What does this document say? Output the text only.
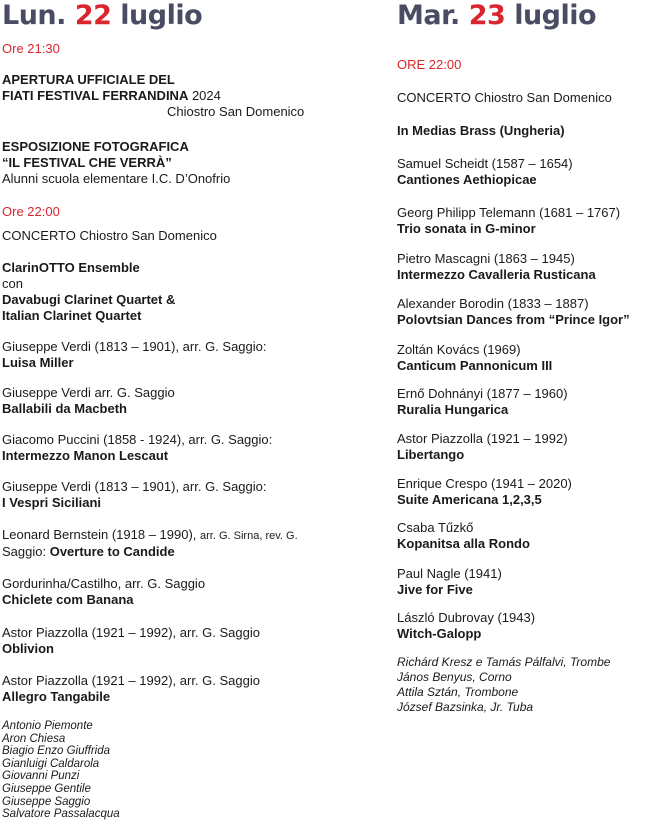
Lun. 22 luglio
Ore 21:30
APERTURA UFFICIALE DEL
FIATI FESTIVAL FERRANDINA 2024
Chiostro San Domenico
ESPOSIZIONE FOTOGRAFICA
“IL FESTIVAL CHE VERRÀ”
Alunni scuola elementare I.C. D’Onofrio
Ore 22:00
CONCERTO Chiostro San Domenico
ClarinOTTO Ensemble
con
Davabugi Clarinet Quartet &
Italian Clarinet Quartet
Giuseppe Verdi (1813 – 1901), arr. G. Saggio:
Luisa Miller
Giuseppe Verdi arr. G. Saggio
Ballabili da Macbeth
Giacomo Puccini (1858 - 1924), arr. G. Saggio:
Intermezzo Manon Lescaut
Giuseppe Verdi (1813 – 1901), arr. G. Saggio:
I Vespri Siciliani
Leonard Bernstein (1918 – 1990), arr. G. Sirna, rev. G.
Saggio: Overture to Candide
Gordurinha/Castilho, arr. G. Saggio
Chiclete com Banana
Astor Piazzolla (1921 – 1992), arr. G. Saggio
Oblivion
Astor Piazzolla (1921 – 1992), arr. G. Saggio
Allegro Tangabile
Antonio Piemonte
Aron Chiesa
Biagio Enzo Giuffrida
Gianluigi Caldarola
Giovanni Punzi
Giuseppe Gentile
Giuseppe Saggio
Salvatore Passalacqua
Mar. 23 luglio
ORE 22:00
CONCERTO Chiostro San Domenico
In Medias Brass (Ungheria)
Samuel Scheidt (1587 – 1654)
Cantiones Aethiopicae
Georg Philipp Telemann (1681 – 1767)
Trio sonata in G-minor
Pietro Mascagni (1863 – 1945)
Intermezzo Cavalleria Rusticana
Alexander Borodin (1833 – 1887)
Polovtsian Dances from “Prince Igor”
Zoltán Kovács (1969)
Canticum Pannonicum III
Ernő Dohnányi (1877 – 1960)
Ruralia Hungarica
Astor Piazzolla (1921 – 1992)
Libertango
Enrique Crespo (1941 – 2020)
Suite Americana 1,2,3,5
Csaba Tűzkő
Kopanitsa alla Rondo
Paul Nagle (1941)
Jive for Five
László Dubrovay (1943)
Witch-Galopp
Richárd Kresz e Tamás Pálfalvi, Trombe
János Benyus, Corno
Attila Sztán, Trombone
József Bazsinka, Jr. Tuba
